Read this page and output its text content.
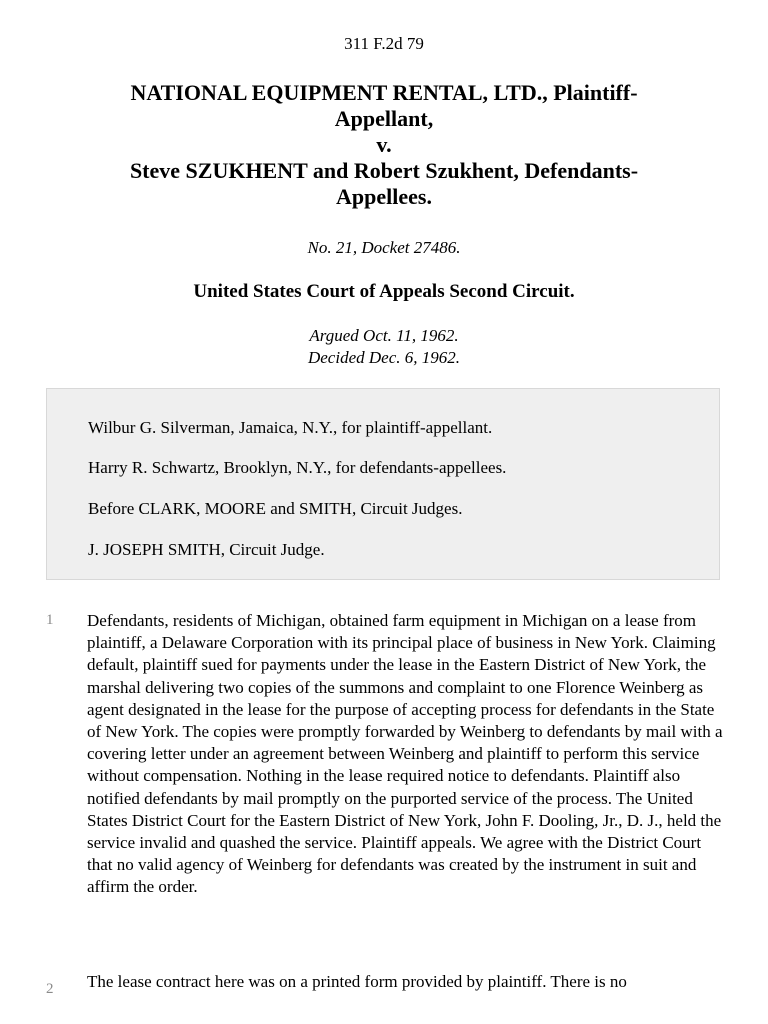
311 F.2d 79
NATIONAL EQUIPMENT RENTAL, LTD., Plaintiff-
Appellant,
v.
Steve SZUKHENT and Robert Szukhent, Defendants-
Appellees.
No. 21, Docket 27486.
United States Court of Appeals Second Circuit.
Argued Oct. 11, 1962.
Decided Dec. 6, 1962.
Wilbur G. Silverman, Jamaica, N.Y., for plaintiff-appellant.
Harry R. Schwartz, Brooklyn, N.Y., for defendants-appellees.
Before CLARK, MOORE and SMITH, Circuit Judges.
J. JOSEPH SMITH, Circuit Judge.
1 Defendants, residents of Michigan, obtained farm equipment in Michigan on a lease from plaintiff, a Delaware Corporation with its principal place of business in New York. Claiming default, plaintiff sued for payments under the lease in the Eastern District of New York, the marshal delivering two copies of the summons and complaint to one Florence Weinberg as agent designated in the lease for the purpose of accepting process for defendants in the State of New York. The copies were promptly forwarded by Weinberg to defendants by mail with a covering letter under an agreement between Weinberg and plaintiff to perform this service without compensation. Nothing in the lease required notice to defendants. Plaintiff also notified defendants by mail promptly on the purported service of the process. The United States District Court for the Eastern District of New York, John F. Dooling, Jr., D. J., held the service invalid and quashed the service. Plaintiff appeals. We agree with the District Court that no valid agency of Weinberg for defendants was created by the instrument in suit and affirm the order.
2 The lease contract here was on a printed form provided by plaintiff. There is no
